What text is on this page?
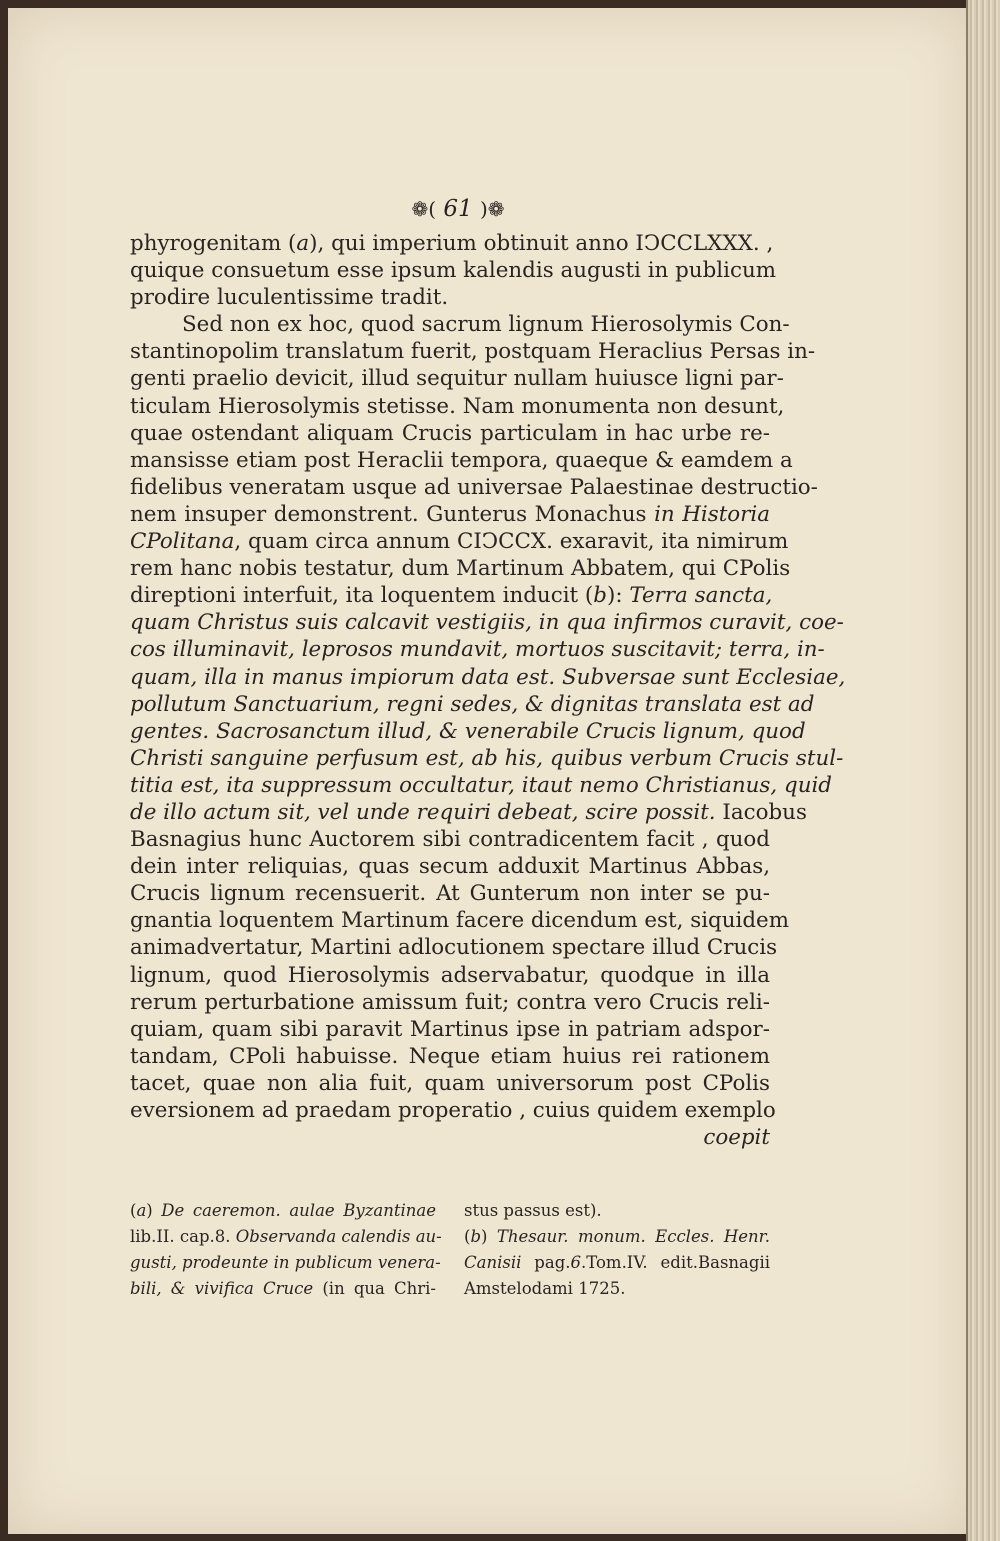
❁( 61 )❁
phyrogenitam (a), qui imperium obtinuit anno IↃCCLXXX. ,
quique consuetum esse ipsum kalendis augusti in publicum
prodire luculentissime tradit.
Sed non ex hoc, quod sacrum lignum Hierosolymis Con-
stantinopolim translatum fuerit, postquam Heraclius Persas in-
genti praelio devicit, illud sequitur nullam huiusce ligni par-
ticulam Hierosolymis stetisse. Nam monumenta non desunt,
quae ostendant aliquam Crucis particulam in hac urbe re-
mansisse etiam post Heraclii tempora, quaeque & eamdem a
fidelibus veneratam usque ad universae Palaestinae destructio-
nem insuper demonstrent. Gunterus Monachus in Historia
CPolitana, quam circa annum CIↃCCX. exaravit, ita nimirum
rem hanc nobis testatur, dum Martinum Abbatem, qui CPolis
direptioni interfuit, ita loquentem inducit (b): Terra sancta,
quam Christus suis calcavit vestigiis, in qua infirmos curavit, coe-
cos illuminavit, leprosos mundavit, mortuos suscitavit; terra, in-
quam, illa in manus impiorum data est. Subversae sunt Ecclesiae,
pollutum Sanctuarium, regni sedes, & dignitas translata est ad
gentes. Sacrosanctum illud, & venerabile Crucis lignum, quod
Christi sanguine perfusum est, ab his, quibus verbum Crucis stul-
titia est, ita suppressum occultatur, itaut nemo Christianus, quid
de illo actum sit, vel unde requiri debeat, scire possit. Iacobus
Basnagius hunc Auctorem sibi contradicentem facit , quod
dein inter reliquias, quas secum adduxit Martinus Abbas,
Crucis lignum recensuerit. At Gunterum non inter se pu-
gnantia loquentem Martinum facere dicendum est, siquidem
animadvertatur, Martini adlocutionem spectare illud Crucis
lignum, quod Hierosolymis adservabatur, quodque in illa
rerum perturbatione amissum fuit; contra vero Crucis reli-
quiam, quam sibi paravit Martinus ipse in patriam adspor-
tandam, CPoli habuisse. Neque etiam huius rei rationem
tacet, quae non alia fuit, quam universorum post CPolis
eversionem ad praedam properatio , cuius quidem exemplo
coepit
(a) De caeremon. aulae Byzantinae
lib.II. cap.8. Observanda calendis au-
gusti, prodeunte in publicum venera-
bili, & vivifica Cruce (in qua Chri-
stus passus est).
(b) Thesaur. monum. Eccles. Henr.
Canisii pag.6.Tom.IV. edit.Basnagii
Amstelodami 1725.
